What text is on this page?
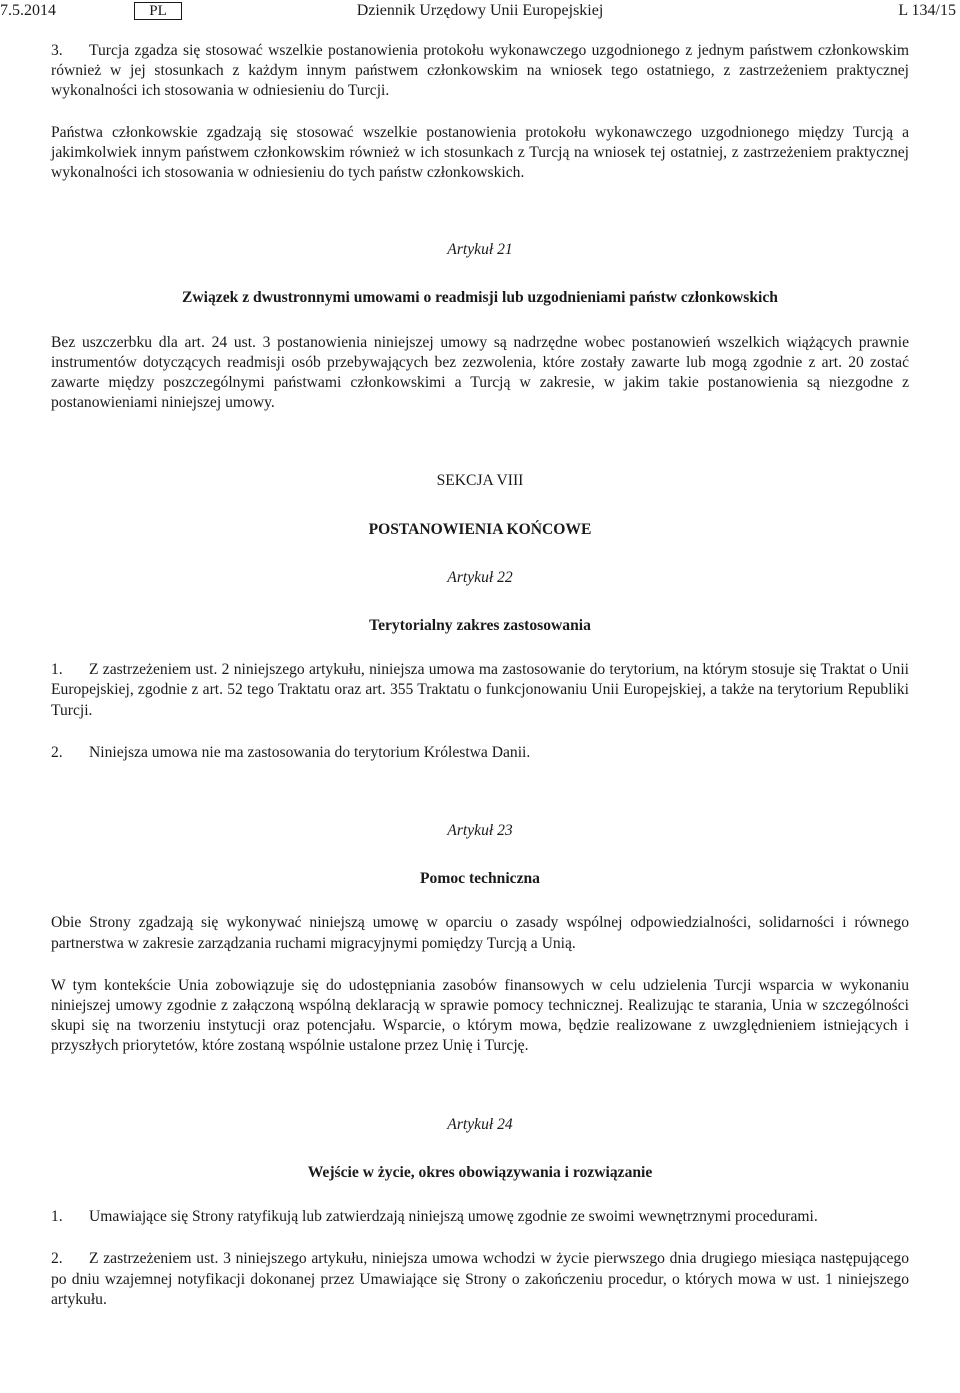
7.5.2014	PL	Dziennik Urzędowy Unii Europejskiej	L 134/15

3. Turcja zgadza się stosować wszelkie postanowienia protokołu wykonawczego uzgodnionego z jednym państwem członkowskim również w jej stosunkach z każdym innym państwem członkowskim na wniosek tego ostatniego, z zastrzeżeniem praktycznej wykonalności ich stosowania w odniesieniu do Turcji.

Państwa członkowskie zgadzają się stosować wszelkie postanowienia protokołu wykonawczego uzgodnionego między Turcją a jakimkolwiek innym państwem członkowskim również w ich stosunkach z Turcją na wniosek tej ostatniej, z zastrzeżeniem praktycznej wykonalności ich stosowania w odniesieniu do tych państw członkowskich.

Artykuł 21

Związek z dwustronnymi umowami o readmisji lub uzgodnieniami państw członkowskich

Bez uszczerbku dla art. 24 ust. 3 postanowienia niniejszej umowy są nadrzędne wobec postanowień wszelkich wiążących prawnie instrumentów dotyczących readmisji osób przebywających bez zezwolenia, które zostały zawarte lub mogą zgodnie z art. 20 zostać zawarte między poszczególnymi państwami członkowskimi a Turcją w zakresie, w jakim takie postanowienia są niezgodne z postanowieniami niniejszej umowy.

SEKCJA VIII

POSTANOWIENIA KOŃCOWE

Artykuł 22

Terytorialny zakres zastosowania

1. Z zastrzeżeniem ust. 2 niniejszego artykułu, niniejsza umowa ma zastosowanie do terytorium, na którym stosuje się Traktat o Unii Europejskiej, zgodnie z art. 52 tego Traktatu oraz art. 355 Traktatu o funkcjonowaniu Unii Europejskiej, a także na terytorium Republiki Turcji.

2. Niniejsza umowa nie ma zastosowania do terytorium Królestwa Danii.

Artykuł 23

Pomoc techniczna

Obie Strony zgadzają się wykonywać niniejszą umowę w oparciu o zasady wspólnej odpowiedzialności, solidarności i równego partnerstwa w zakresie zarządzania ruchami migracyjnymi pomiędzy Turcją a Unią.

W tym kontekście Unia zobowiązuje się do udostępniania zasobów finansowych w celu udzielenia Turcji wsparcia w wykonaniu niniejszej umowy zgodnie z załączoną wspólną deklaracją w sprawie pomocy technicznej. Realizując te starania, Unia w szczególności skupi się na tworzeniu instytucji oraz potencjału. Wsparcie, o którym mowa, będzie realizowane z uwzględnieniem istniejących i przyszłych priorytetów, które zostaną wspólnie ustalone przez Unię i Turcję.

Artykuł 24

Wejście w życie, okres obowiązywania i rozwiązanie

1. Umawiające się Strony ratyfikują lub zatwierdzają niniejszą umowę zgodnie ze swoimi wewnętrznymi procedurami.

2. Z zastrzeżeniem ust. 3 niniejszego artykułu, niniejsza umowa wchodzi w życie pierwszego dnia drugiego miesiąca następującego po dniu wzajemnej notyfikacji dokonanej przez Umawiające się Strony o zakończeniu procedur, o których mowa w ust. 1 niniejszego artykułu.
